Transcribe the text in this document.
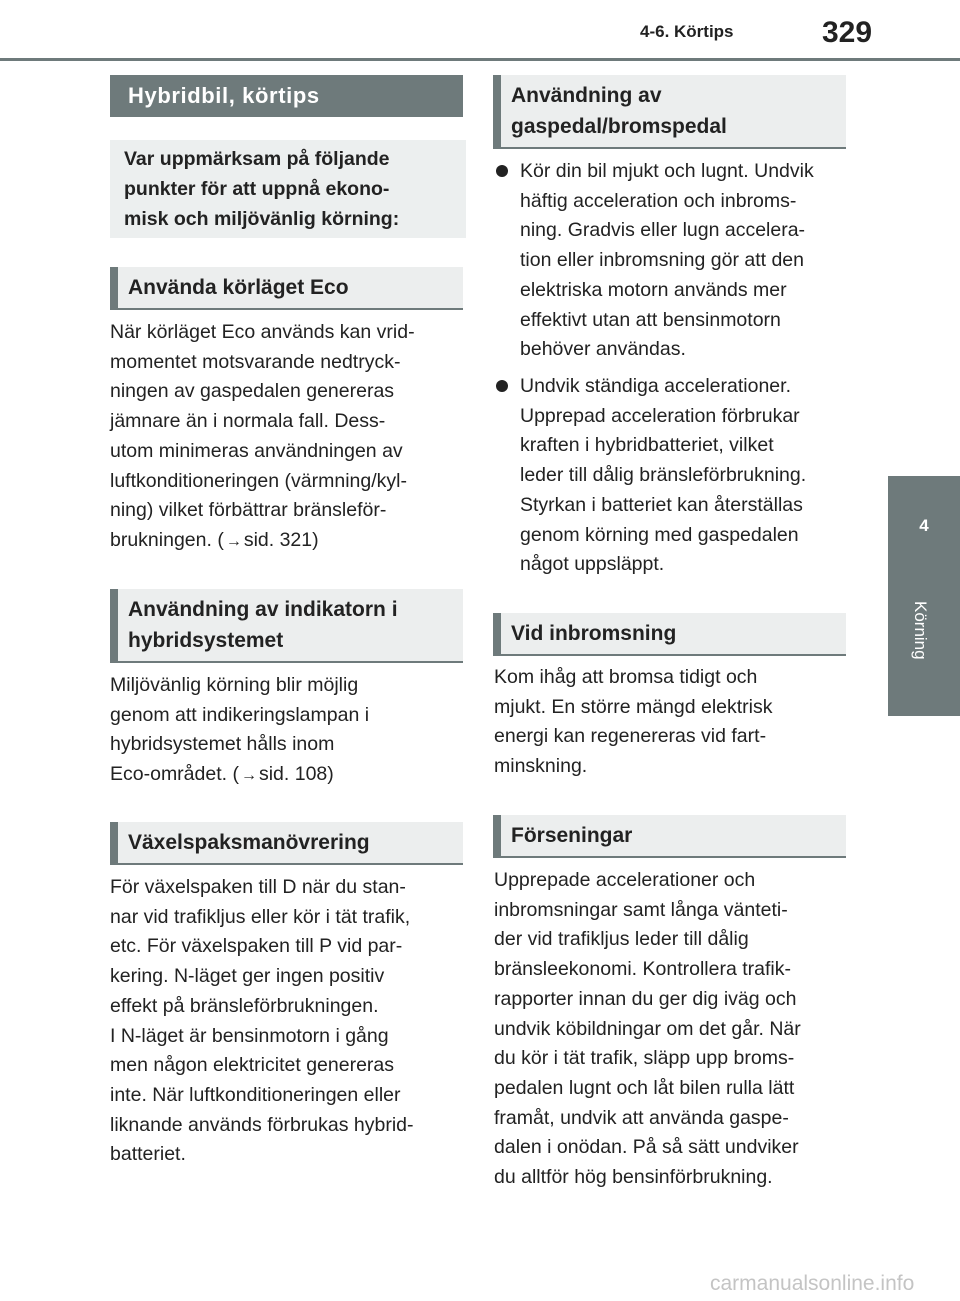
4-6. Körtips	329
4
Körning
Hybridbil, körtips
Var uppmärksam på följande
punkter för att uppnå ekono-
misk och miljövänlig körning:
Använda körläget Eco
När körläget Eco används kan vrid-
momentet motsvarande nedtryck-
ningen av gaspedalen genereras
jämnare än i normala fall. Dess-
utom minimeras användningen av
luftkonditioneringen (värmning/kyl-
ning) vilket förbättrar bränsleför-
brukningen. ( → sid. 321)
Användning av indikatorn i
hybridsystemet
Miljövänlig körning blir möjlig
genom att indikeringslampan i
hybridsystemet hålls inom
Eco-området. ( → sid. 108)
Växelspaksmanövrering
För växelspaken till D när du stan-
nar vid trafikljus eller kör i tät trafik,
etc. För växelspaken till P vid par-
kering. N-läget ger ingen positiv
effekt på bränsleförbrukningen.
I N-läget är bensinmotorn i gång
men någon elektricitet genereras
inte. När luftkonditioneringen eller
liknande används förbrukas hybrid-
batteriet.
Användning av
gaspedal/bromspedal
Kör din bil mjukt och lugnt. Undvik
häftig acceleration och inbroms-
ning. Gradvis eller lugn accelera-
tion eller inbromsning gör att den
elektriska motorn används mer
effektivt utan att bensinmotorn
behöver användas.
Undvik ständiga accelerationer.
Upprepad acceleration förbrukar
kraften i hybridbatteriet, vilket
leder till dålig bränsleförbrukning.
Styrkan i batteriet kan återställas
genom körning med gaspedalen
något uppsläppt.
Vid inbromsning
Kom ihåg att bromsa tidigt och
mjukt. En större mängd elektrisk
energi kan regenereras vid fart-
minskning.
Förseningar
Upprepade accelerationer och
inbromsningar samt långa vänteti-
der vid trafikljus leder till dålig
bränsleekonomi. Kontrollera trafik-
rapporter innan du ger dig iväg och
undvik köbildningar om det går. När
du kör i tät trafik, släpp upp broms-
pedalen lugnt och låt bilen rulla lätt
framåt, undvik att använda gaspe-
dalen i onödan. På så sätt undviker
du alltför hög bensinförbrukning.
carmanualsonline.info
